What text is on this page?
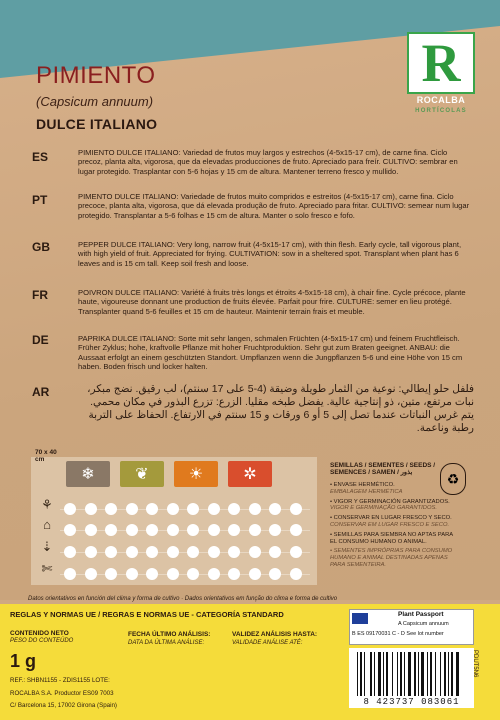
R
ROCALBA
HORTÍCOLAS
PIMIENTO
(Capsicum annuum)
DULCE ITALIANO
ES	PIMIENTO DULCE ITALIANO: Variedad de frutos muy largos y estrechos (4-5x15-17 cm), de carne fina. Ciclo precoz, planta alta, vigorosa, que da elevadas producciones de fruto. Apreciado para freír. CULTIVO: sembrar en lugar protegido. Trasplantar con 5-6 hojas y 15 cm de altura. Mantener terreno fresco y mullido.
PT	PIMENTO DULCE ITALIANO: Variedade de frutos muito compridos e estreitos (4-5x15-17 cm), carne fina. Ciclo precoce, planta alta, vigorosa, que dá elevada produção de fruto. Apreciado para fritar. CULTIVO: semear num lugar protegido. Transplantar a 5-6 folhas e 15 cm de altura. Manter o solo fresco e fofo.
GB	PEPPER DULCE ITALIANO: Very long, narrow fruit (4-5x15-17 cm), with thin flesh. Early cycle, tall vigorous plant, with high yield of fruit. Appreciated for frying. CULTIVATION: sow in a sheltered spot. Transplant when plant has 6 leaves and is 15 cm tall. Keep soil fresh and loose.
FR	POIVRON DULCE ITALIANO: Variété à fruits très longs et étroits 4-5x15-18 cm), à chair fine. Cycle précoce, plante haute, vigoureuse donnant une production de fruits élevée. Parfait pour frire. CULTURE: semer en lieu protégé. Transplanter quand 5-6 feuilles et 15 cm de hauteur. Maintenir terrain frais et meuble.
DE	PAPRIKA DULCE ITALIANO: Sorte mit sehr langen, schmalen Früchten (4-5x15-17 cm) und feinem Fruchtfleisch. Früher Zyklus; hohe, kraftvolle Pflanze mit hoher Fruchtproduktion. Sehr gut zum Braten geeignet. ANBAU: die Aussaat erfolgt an einem geschützten Standort. Umpflanzen wenn die Jungpflanzen 5-6 und eine Höhe von 15 cm haben. Boden frisch und locker halten.
AR	فلفل حلو إيطالي: نوعية من الثمار طويلة وضيقة (4-5 على 17 سنتم)، لب رقيق. نضج مبكر، نبات مرتفع، متين، ذو إنتاجية عالية. يفضل طبخه مقليا. الزرع: تزرع البذور في مكان محمي. يتم غرس النباتات عندما تصل إلى 5 أو 6 ورقات و 15 سنتم في الارتفاع. الحفاظ على التربة رطبة وناعمة.
70 x 40
cm
❄	❦	☀	✲
⚘
⌂
⇣
✄
SEMILLAS / SEMENTES / SEEDS /
SEMENCES / SAMEN / بذور	♻
• ENVASE HERMÉTICO.
EMBALAGEM HERMÉTICA
• VIGOR Y GERMINACIÓN GARANTIZADOS.
VIGOR E GERMINAÇÃO GARANTIDOS.
• CONSERVAR EN LUGAR FRESCO Y SECO.
CONSERVAR EM LUGAR FRESCO E SECO.
• SEMILLAS PARA SIEMBRA NO APTAS PARA EL CONSUMO HUMANO O ANIMAL.
• SEMENTES IMPRÓPRIAS PARA CONSUMO HUMANO E ANIMAL DESTINADAS APENAS PARA SEMENTEIRA.
Datos orientativos en función del clima y forma de cultivo · Dados orientativos em função do clima e forma de cultivo
REGLAS Y NORMAS UE / REGRAS E NORMAS UE - CATEGORÍA STANDARD
CONTENIDO NETO
PESO DO CONTEÚDO
1 g
FECHA ÚLTIMO ANÁLISIS:
DATA DA ÚLTIMA ANÁLISE:
VALIDEZ ANÁLISIS HASTA:
VALIDADE ANÁLISE ATÉ:
REF.: SHBN1155 - ZDIS1155 LOTE:
ROCALBA S.A. Productor ES09 7003
C/ Barcelona 15, 17002 Girona (Spain)
Plant Passport
A Capsicum annuum
B ES 09170031 C - D See lot number
8 423737 083061
PDUT5N6
